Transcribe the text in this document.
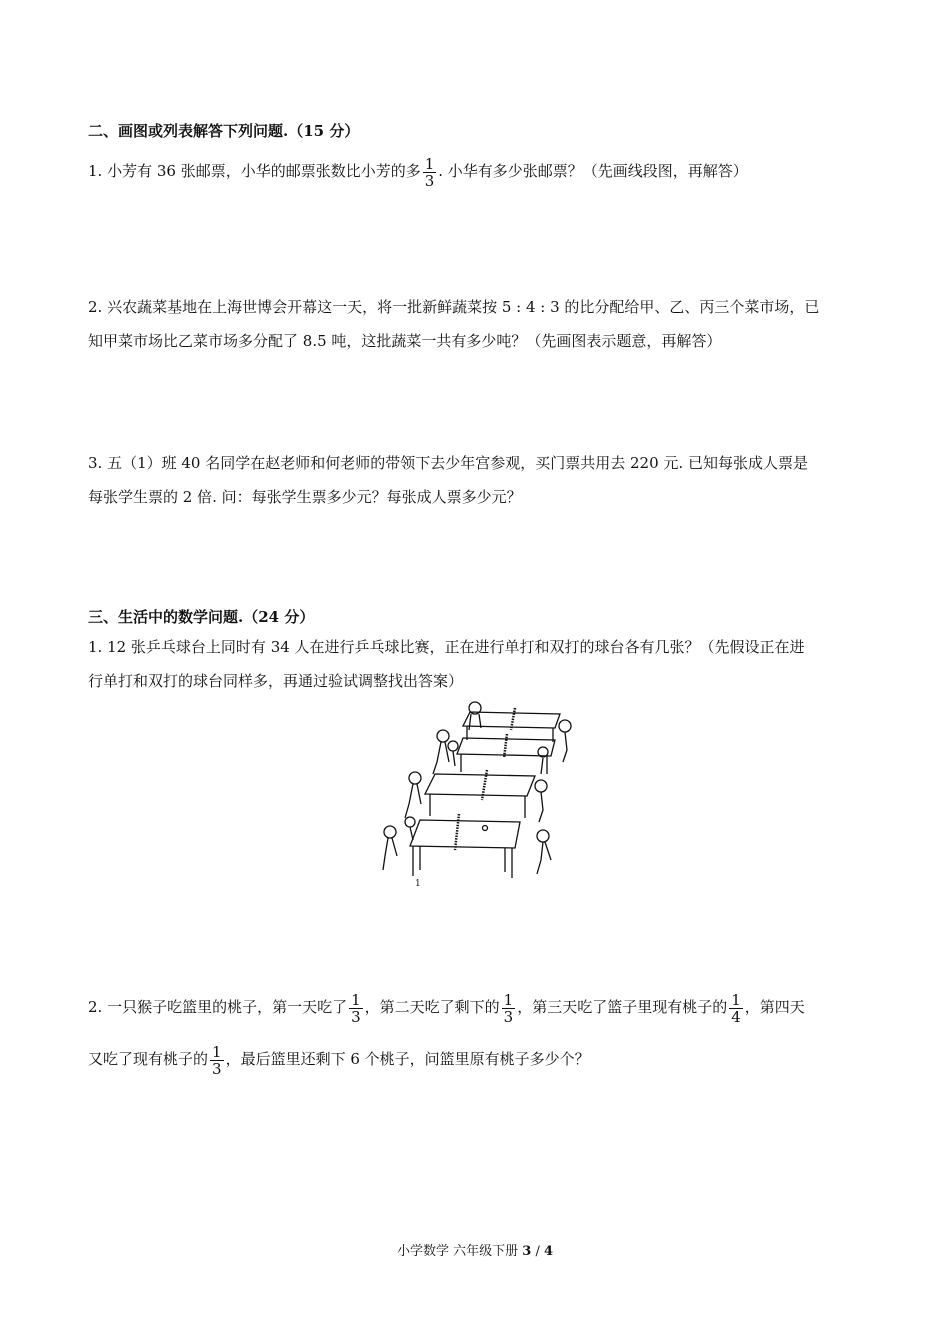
二、画图或列表解答下列问题.（15 分）
1. 小芳有 36 张邮票，小华的邮票张数比小芳的多 $\frac{1}{3}$ . 小华有多少张邮票？（先画线段图，再解答）
2. 兴农蔬菜基地在上海世博会开幕这一天，将一批新鲜蔬菜按 5 : 4 : 3 的比分配给甲、乙、丙三个菜市场，已
知甲菜市场比乙菜市场多分配了 8.5 吨，这批蔬菜一共有多少吨？（先画图表示题意，再解答）
3. 五（1）班 40 名同学在赵老师和何老师的带领下去少年宫参观，买门票共用去 220 元. 已知每张成人票是
每张学生票的 2 倍. 问：每张学生票多少元？每张成人票多少元？
三、生活中的数学问题.（24 分）
1. 12 张乒乓球台上同时有 34 人在进行乒乓球比赛，正在进行单打和双打的球台各有几张？（先假设正在进
行单打和双打的球台同样多，再通过验试调整找出答案）
1
2. 一只猴子吃篮里的桃子，第一天吃了 $\frac{1}{3}$ ，第二天吃了剩下的 $\frac{1}{3}$ ，第三天吃了篮子里现有桃子的 $\frac{1}{4}$ ，第四天
又吃了现有桃子的 $\frac{1}{3}$ ，最后篮里还剩下 6 个桃子，问篮里原有桃子多少个？
小学数学 六年级下册 3 / 4
